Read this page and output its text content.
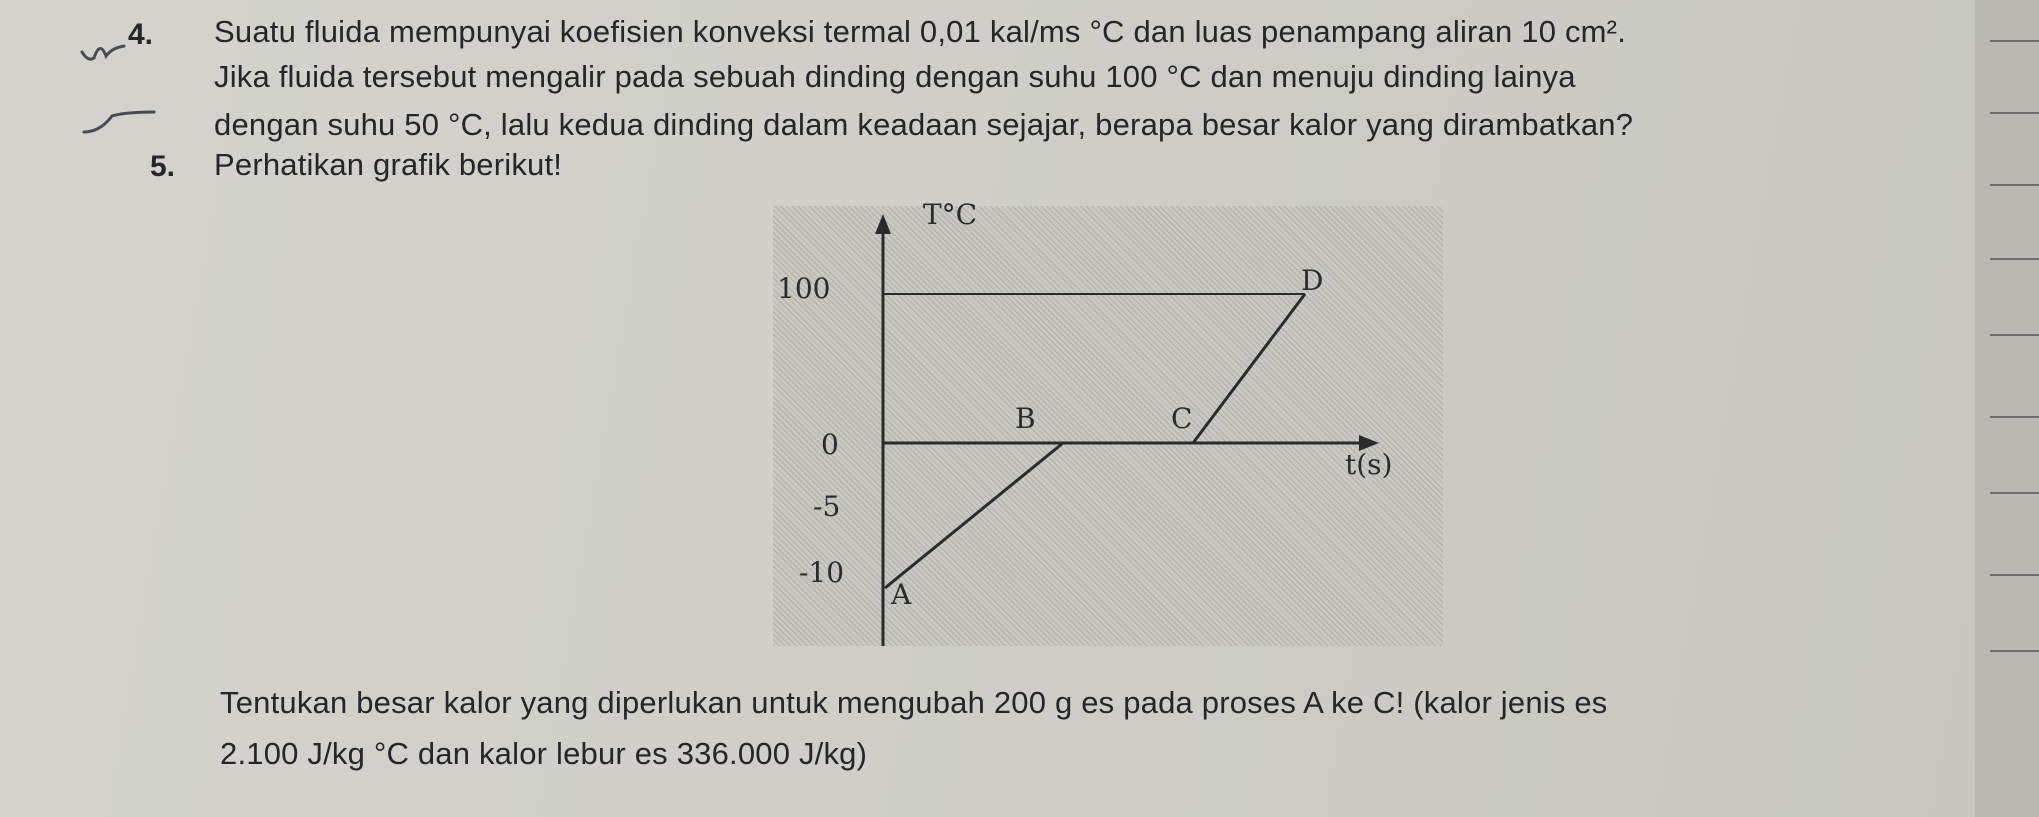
4. Suatu fluida mempunyai koefisien konveksi termal 0,01 kal/ms °C dan luas penampang aliran 10 cm².
Jika fluida tersebut mengalir pada sebuah dinding dengan suhu 100 °C dan menuju dinding lainya
dengan suhu 50 °C, lalu kedua dinding dalam keadaan sejajar, berapa besar kalor yang dirambatkan?
5. Perhatikan grafik berikut!
T°C
100
0
-5
-10
A
B	C
D
t(s)
Tentukan besar kalor yang diperlukan untuk mengubah 200 g es pada proses A ke C! (kalor jenis es
2.100 J/kg °C dan kalor lebur es 336.000 J/kg)
